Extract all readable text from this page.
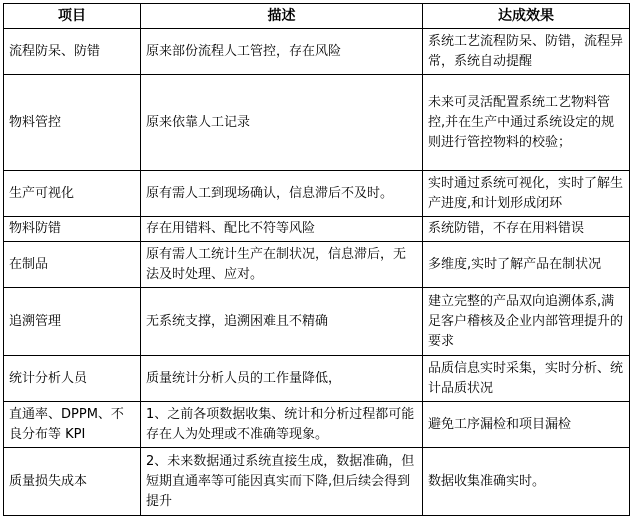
项目	描述	达成效果
流程防呆、防错	原来部份流程人工管控，存在风险	系统工艺流程防呆、防错，流程异常，系统自动提醒
物料管控	原来依靠人工记录	未来可灵活配置系统工艺物料管控,并在生产中通过系统设定的规则进行管控物料的校验；
生产可视化	原有需人工到现场确认，信息滞后不及时。	实时通过系统可视化，实时了解生产进度,和计划形成闭环
物料防错	存在用错料、配比不符等风险	系统防错，不存在用料错误
在制品	原有需人工统计生产在制状况，信息滞后，无法及时处理、应对。	多维度,实时了解产品在制状况
追溯管理	无系统支撑，追溯困难且不精确	建立完整的产品双向追溯体系,满足客户稽核及企业内部管理提升的要求
统计分析人员	质量统计分析人员的工作量降低，	品质信息实时采集，实时分析、统计品质状况
直通率、DPPM、不良分布等 KPI	1、之前各项数据收集、统计和分析过程都可能存在人为处理或不准确等现象。	避免工序漏检和项目漏检
质量损失成本	2、未来数据通过系统直接生成，数据准确，但短期直通率等可能因真实而下降,但后续会得到提升	数据收集准确实时。
